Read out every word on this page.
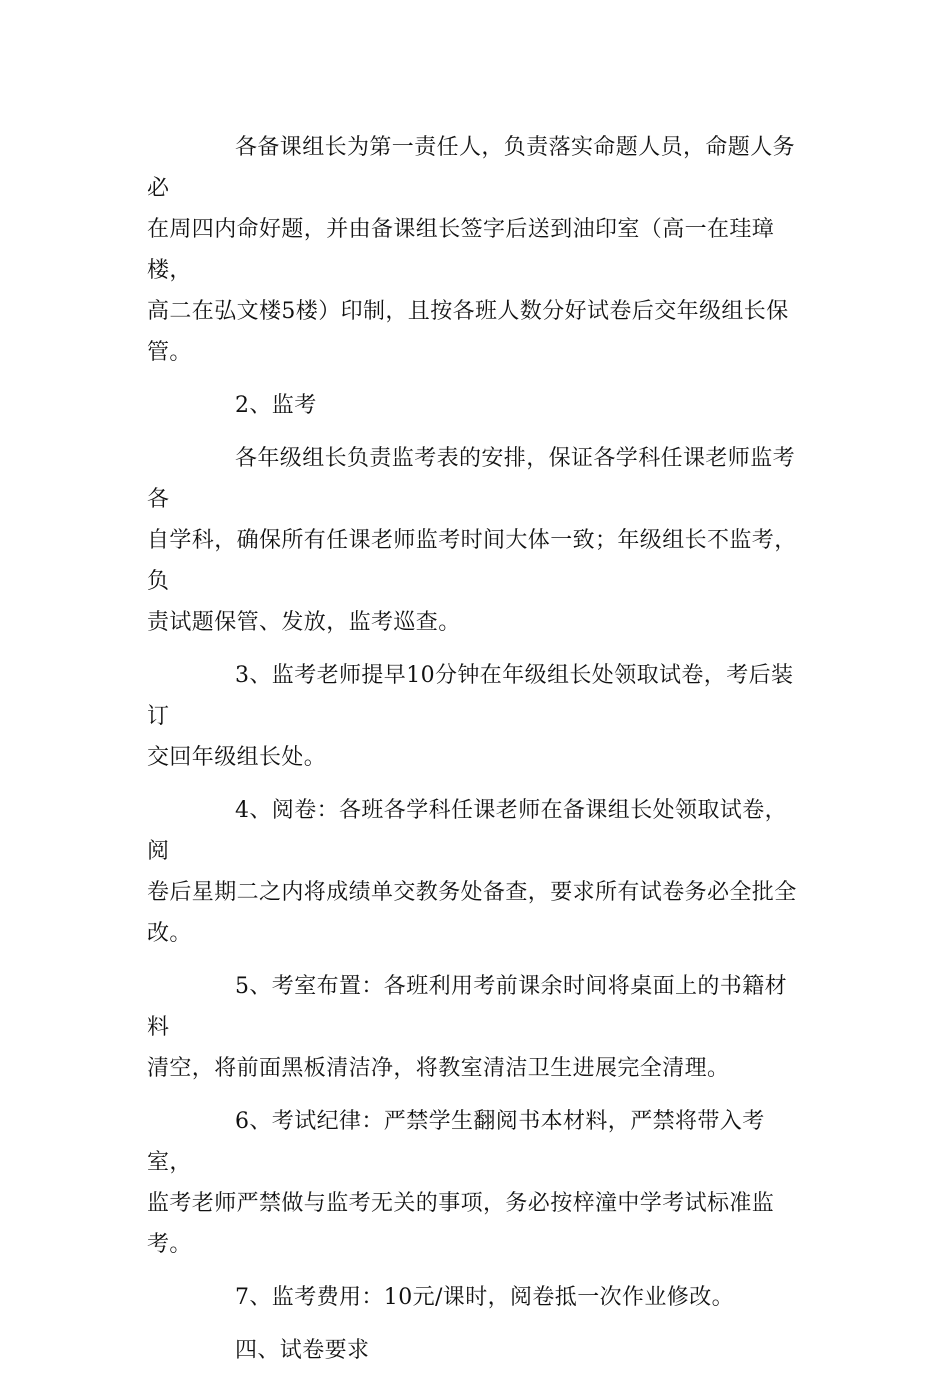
各备课组长为第一责任人，负责落实命题人员，命题人务必
在周四内命好题，并由备课组长签字后送到油印室（高一在珪璋楼，
高二在弘文楼5楼）印制，且按各班人数分好试卷后交年级组长保
管。

2、监考

各年级组长负责监考表的安排，保证各学科任课老师监考各
自学科，确保所有任课老师监考时间大体一致；年级组长不监考，负
责试题保管、发放，监考巡查。

3、监考老师提早10分钟在年级组长处领取试卷，考后装订
交回年级组长处。

4、阅卷：各班各学科任课老师在备课组长处领取试卷，阅
卷后星期二之内将成绩单交教务处备查，要求所有试卷务必全批全
改。

5、考室布置：各班利用考前课余时间将桌面上的书籍材料
清空，将前面黑板清洁净，将教室清洁卫生进展完全清理。

6、考试纪律：严禁学生翻阅书本材料，严禁将带入考室，
监考老师严禁做与监考无关的事项，务必按梓潼中学考试标准监考。

7、监考费用：10元/课时，阅卷抵一次作业修改。

四、试卷要求
